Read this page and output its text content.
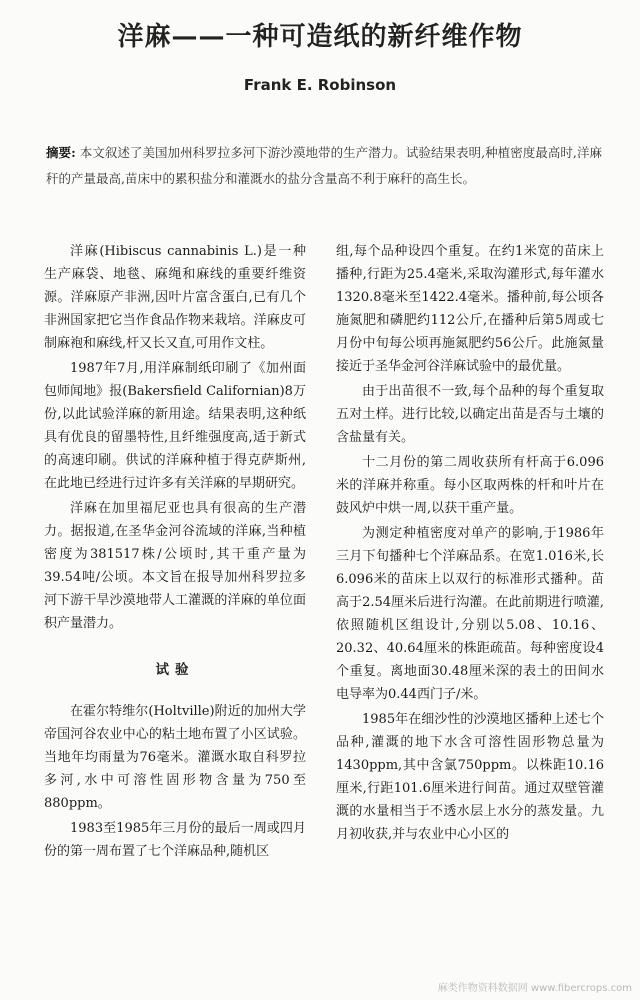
洋麻——一种可造纸的新纤维作物
Frank E. Robinson
摘要: 本文叙述了美国加州科罗拉多河下游沙漠地带的生产潜力。试验结果表明,种植密度最高时,洋麻秆的产量最高,苗床中的累积盐分和灌溉水的盐分含量高不利于麻秆的高生长。

洋麻(Hibiscus cannabinis L.)是一种生产麻袋、地毯、麻绳和麻线的重要纤维资源。洋麻原产非洲,因叶片富含蛋白,已有几个非洲国家把它当作食品作物来栽培。洋麻皮可制麻袍和麻线,杆又长又直,可用作文柱。

1987年7月,用洋麻制纸印刷了《加州面包师闻地》报(Bakersfield Californian)8万份,以此试验洋麻的新用途。结果表明,这种纸具有优良的留墨特性,且纤维强度高,适于新式的高速印刷。供试的洋麻种植于得克萨斯州,在此地已经进行过许多有关洋麻的早期研究。

洋麻在加里福尼亚也具有很高的生产潜力。据报道,在圣华金河谷流域的洋麻,当种植密度为381517株/公顷时,其干重产量为39.54吨/公顷。本文旨在报导加州科罗拉多河下游干旱沙漠地带人工灌溉的洋麻的单位面积产量潜力。

试验

在霍尔特维尔(Holtville)附近的加州大学帝国河谷农业中心的粘土地布置了小区试验。当地年均雨量为76毫米。灌溉水取自科罗拉多河,水中可溶性固形物含量为750至880ppm。

1983至1985年三月份的最后一周或四月份的第一周布置了七个洋麻品种,随机区

组,每个品种设四个重复。在约1米宽的苗床上播种,行距为25.4毫米,采取沟灌形式,每年灌水1320.8毫米至1422.4毫米。播种前,每公顷各施氮肥和磷肥约112公斤,在播种后第5周或七月份中旬每公顷再施氮肥约56公斤。此施氮量接近于圣华金河谷洋麻试验中的最优量。

由于出苗很不一致,每个品种的每个重复取五对土样。进行比较,以确定出苗是否与土壤的含盐量有关。

十二月份的第二周收获所有杆高于6.096米的洋麻并称重。每小区取两株的杆和叶片在鼓风炉中烘一周,以获干重产量。

为测定种植密度对单产的影响,于1986年三月下旬播种七个洋麻品系。在宽1.016米,长6.096米的苗床上以双行的标准形式播种。苗高于2.54厘米后进行沟灌。在此前期进行喷灌,依照随机区组设计,分别以5.08、10.16、20.32、40.64厘米的株距疏苗。每种密度设4个重复。离地面30.48厘米深的表土的田间水电导率为0.44西门子/米。

1985年在细沙性的沙漠地区播种上述七个品种,灌溉的地下水含可溶性固形物总量为1430ppm,其中含氯750ppm。以株距10.16厘米,行距101.6厘米进行间苗。通过双壁管灌溉的水量相当于不透水层上水分的蒸发量。九月初收获,并与农业中心小区的

麻类作物资料数据网 www.fibercrops.com
